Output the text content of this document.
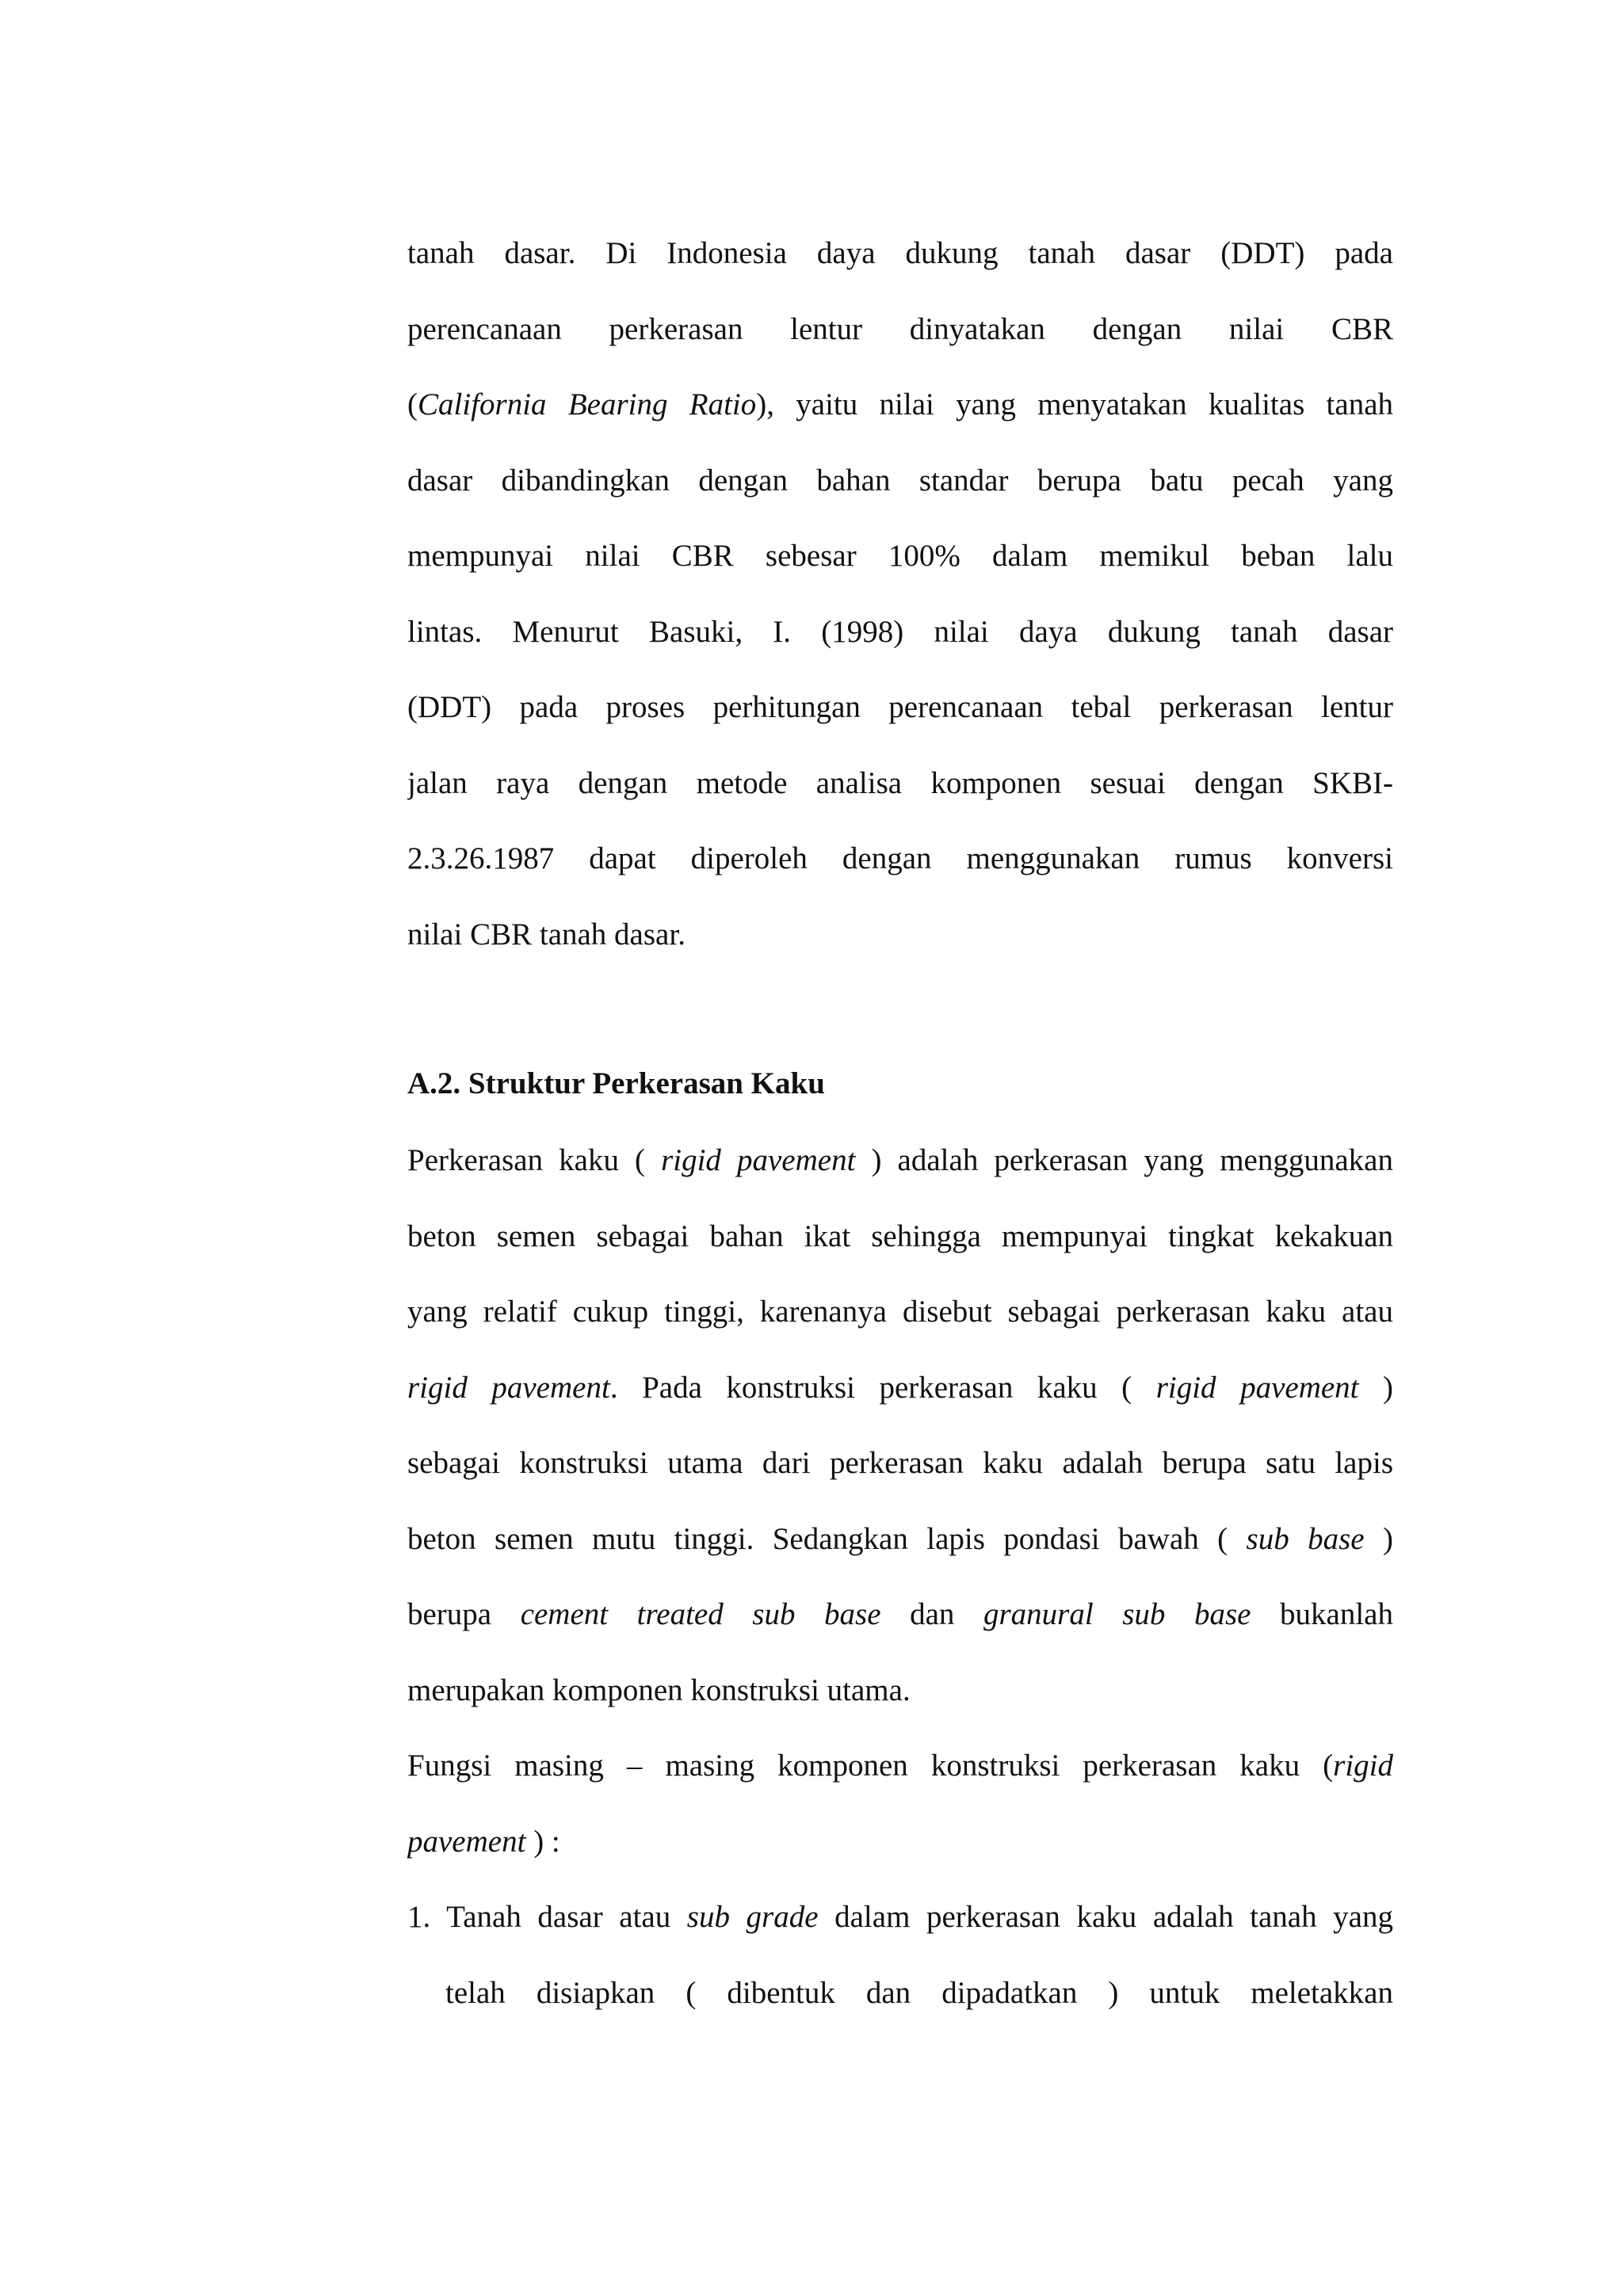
tanah dasar. Di Indonesia daya dukung tanah dasar (DDT) pada
perencanaan perkerasan lentur dinyatakan dengan nilai CBR
(California Bearing Ratio), yaitu nilai yang menyatakan kualitas tanah
dasar dibandingkan dengan bahan standar berupa batu pecah yang
mempunyai nilai CBR sebesar 100% dalam memikul beban lalu
lintas. Menurut Basuki, I. (1998) nilai daya dukung tanah dasar
(DDT) pada proses perhitungan perencanaan tebal perkerasan lentur
jalan raya dengan metode analisa komponen sesuai dengan SKBI-
2.3.26.1987 dapat diperoleh dengan menggunakan rumus konversi
nilai CBR tanah dasar.
A.2. Struktur Perkerasan Kaku
Perkerasan kaku ( rigid pavement ) adalah perkerasan yang menggunakan
beton semen sebagai bahan ikat sehingga mempunyai tingkat kekakuan
yang relatif cukup tinggi, karenanya disebut sebagai perkerasan kaku atau
rigid pavement. Pada konstruksi perkerasan kaku ( rigid pavement )
sebagai konstruksi utama dari perkerasan kaku adalah berupa satu lapis
beton semen mutu tinggi. Sedangkan lapis pondasi bawah ( sub base )
berupa cement treated sub base dan granural sub base bukanlah
merupakan komponen konstruksi utama.
Fungsi masing – masing komponen konstruksi perkerasan kaku (rigid
pavement ) :
1. Tanah dasar atau sub grade dalam perkerasan kaku adalah tanah yang
telah disiapkan ( dibentuk dan dipadatkan ) untuk meletakkan
